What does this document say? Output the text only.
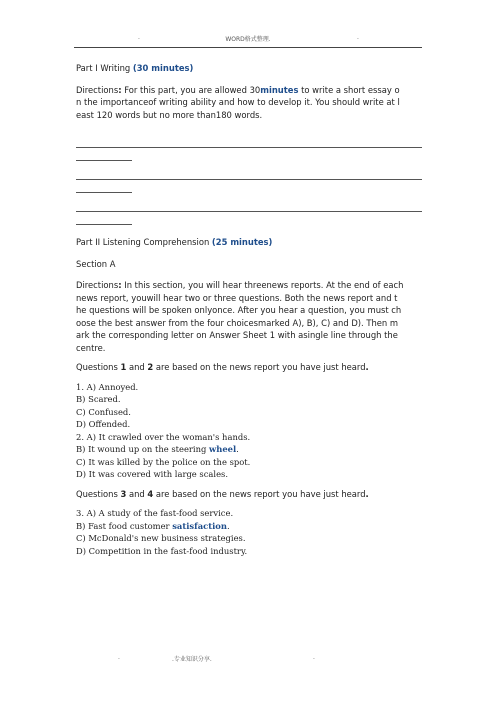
.	WORD格式整理.	.

Part I Writing (30 minutes)

Directions: For this part, you are allowed 30minutes to write a short essay o

n the importanceof writing ability and how to develop it. You should write at l

east 120 words but no more than180 words.

Part II Listening Comprehension (25 minutes)

Section A

Directions: In this section, you will hear threenews reports. At the end of each

news report, youwill hear two or three questions. Both the news report and t

he questions will be spoken onlyonce. After you hear a question, you must ch

oose the best answer from the four choicesmarked A), B), C) and D). Then m

ark the corresponding letter on Answer Sheet 1 with asingle line through the

centre.

Questions 1 and 2 are based on the news report you have just heard.

1. A) Annoyed.

B) Scared.

C) Confused.

D) Offended.

2. A) It crawled over the woman's hands.

B) It wound up on the steering wheel.

C) It was killed by the police on the spot.

D) It was covered with large scales.

Questions 3 and 4 are based on the news report you have just heard.

3. A) A study of the fast-food service.

B) Fast food customer satisfaction.

C) McDonald's new business strategies.

D) Competition in the fast-food industry.

.	.专业知识分享.	.
